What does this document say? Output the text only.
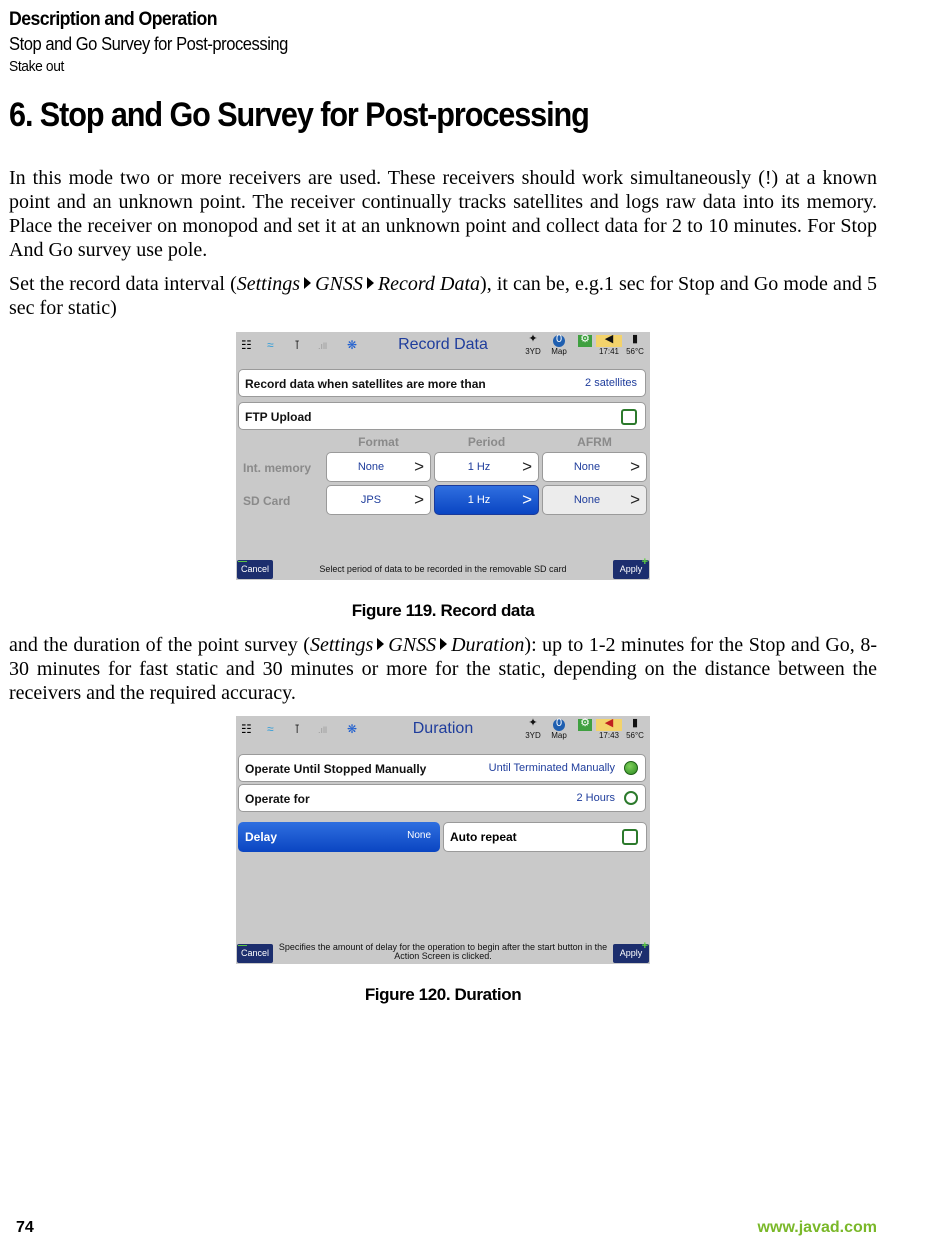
Description and Operation
Stop and Go Survey for Post-processing
Stake out
6. Stop and Go Survey for Post-processing

In this mode two or more receivers are used. These receivers should work simultaneously (!) at a known point and an unknown point. The receiver continually tracks satellites and logs raw data into its memory. Place the receiver on monopod and set it at an unknown point and collect data for 2 to 10 minutes. For Stop And Go survey use pole.

Set the record data interval (Settings GNSS Record Data), it can be, e.g.1 sec for Stop and Go mode and 5 sec for static)

☷ ≈ ⊺ .ıll ❋	Record Data	✦
3YD
0
Map
⚙	◀
17:41
▮
56°C
Record data when satellites are more than	2 satellites
FTP Upload
Format	Period	AFRM
Int. memory	None	>	1 Hz	>	None	>
SD Card	JPS	>	1 Hz	>	None	>
— Cancel	Select period of data to be recorded in the removable SD card	Apply +
Figure 119. Record data

and the duration of the point survey (Settings GNSS Duration): up to 1-2 minutes for the Stop and Go, 8-30 minutes for fast static and 30 minutes or more for the static, depending on the distance between the receivers and the required accuracy.

☷ ≈ ⊺ .ıll ❋	Duration	✦
3YD
0
Map
⚙	◀
17:43
▮
56°C
Operate Until Stopped Manually	Until Terminated Manually
Operate for	2 Hours
Delay	None Auto repeat
— Cancel
Specifies the amount of delay for the operation to begin after the start button in the Action Screen is clicked.	Apply +
Figure 120. Duration
74	www.javad.com
